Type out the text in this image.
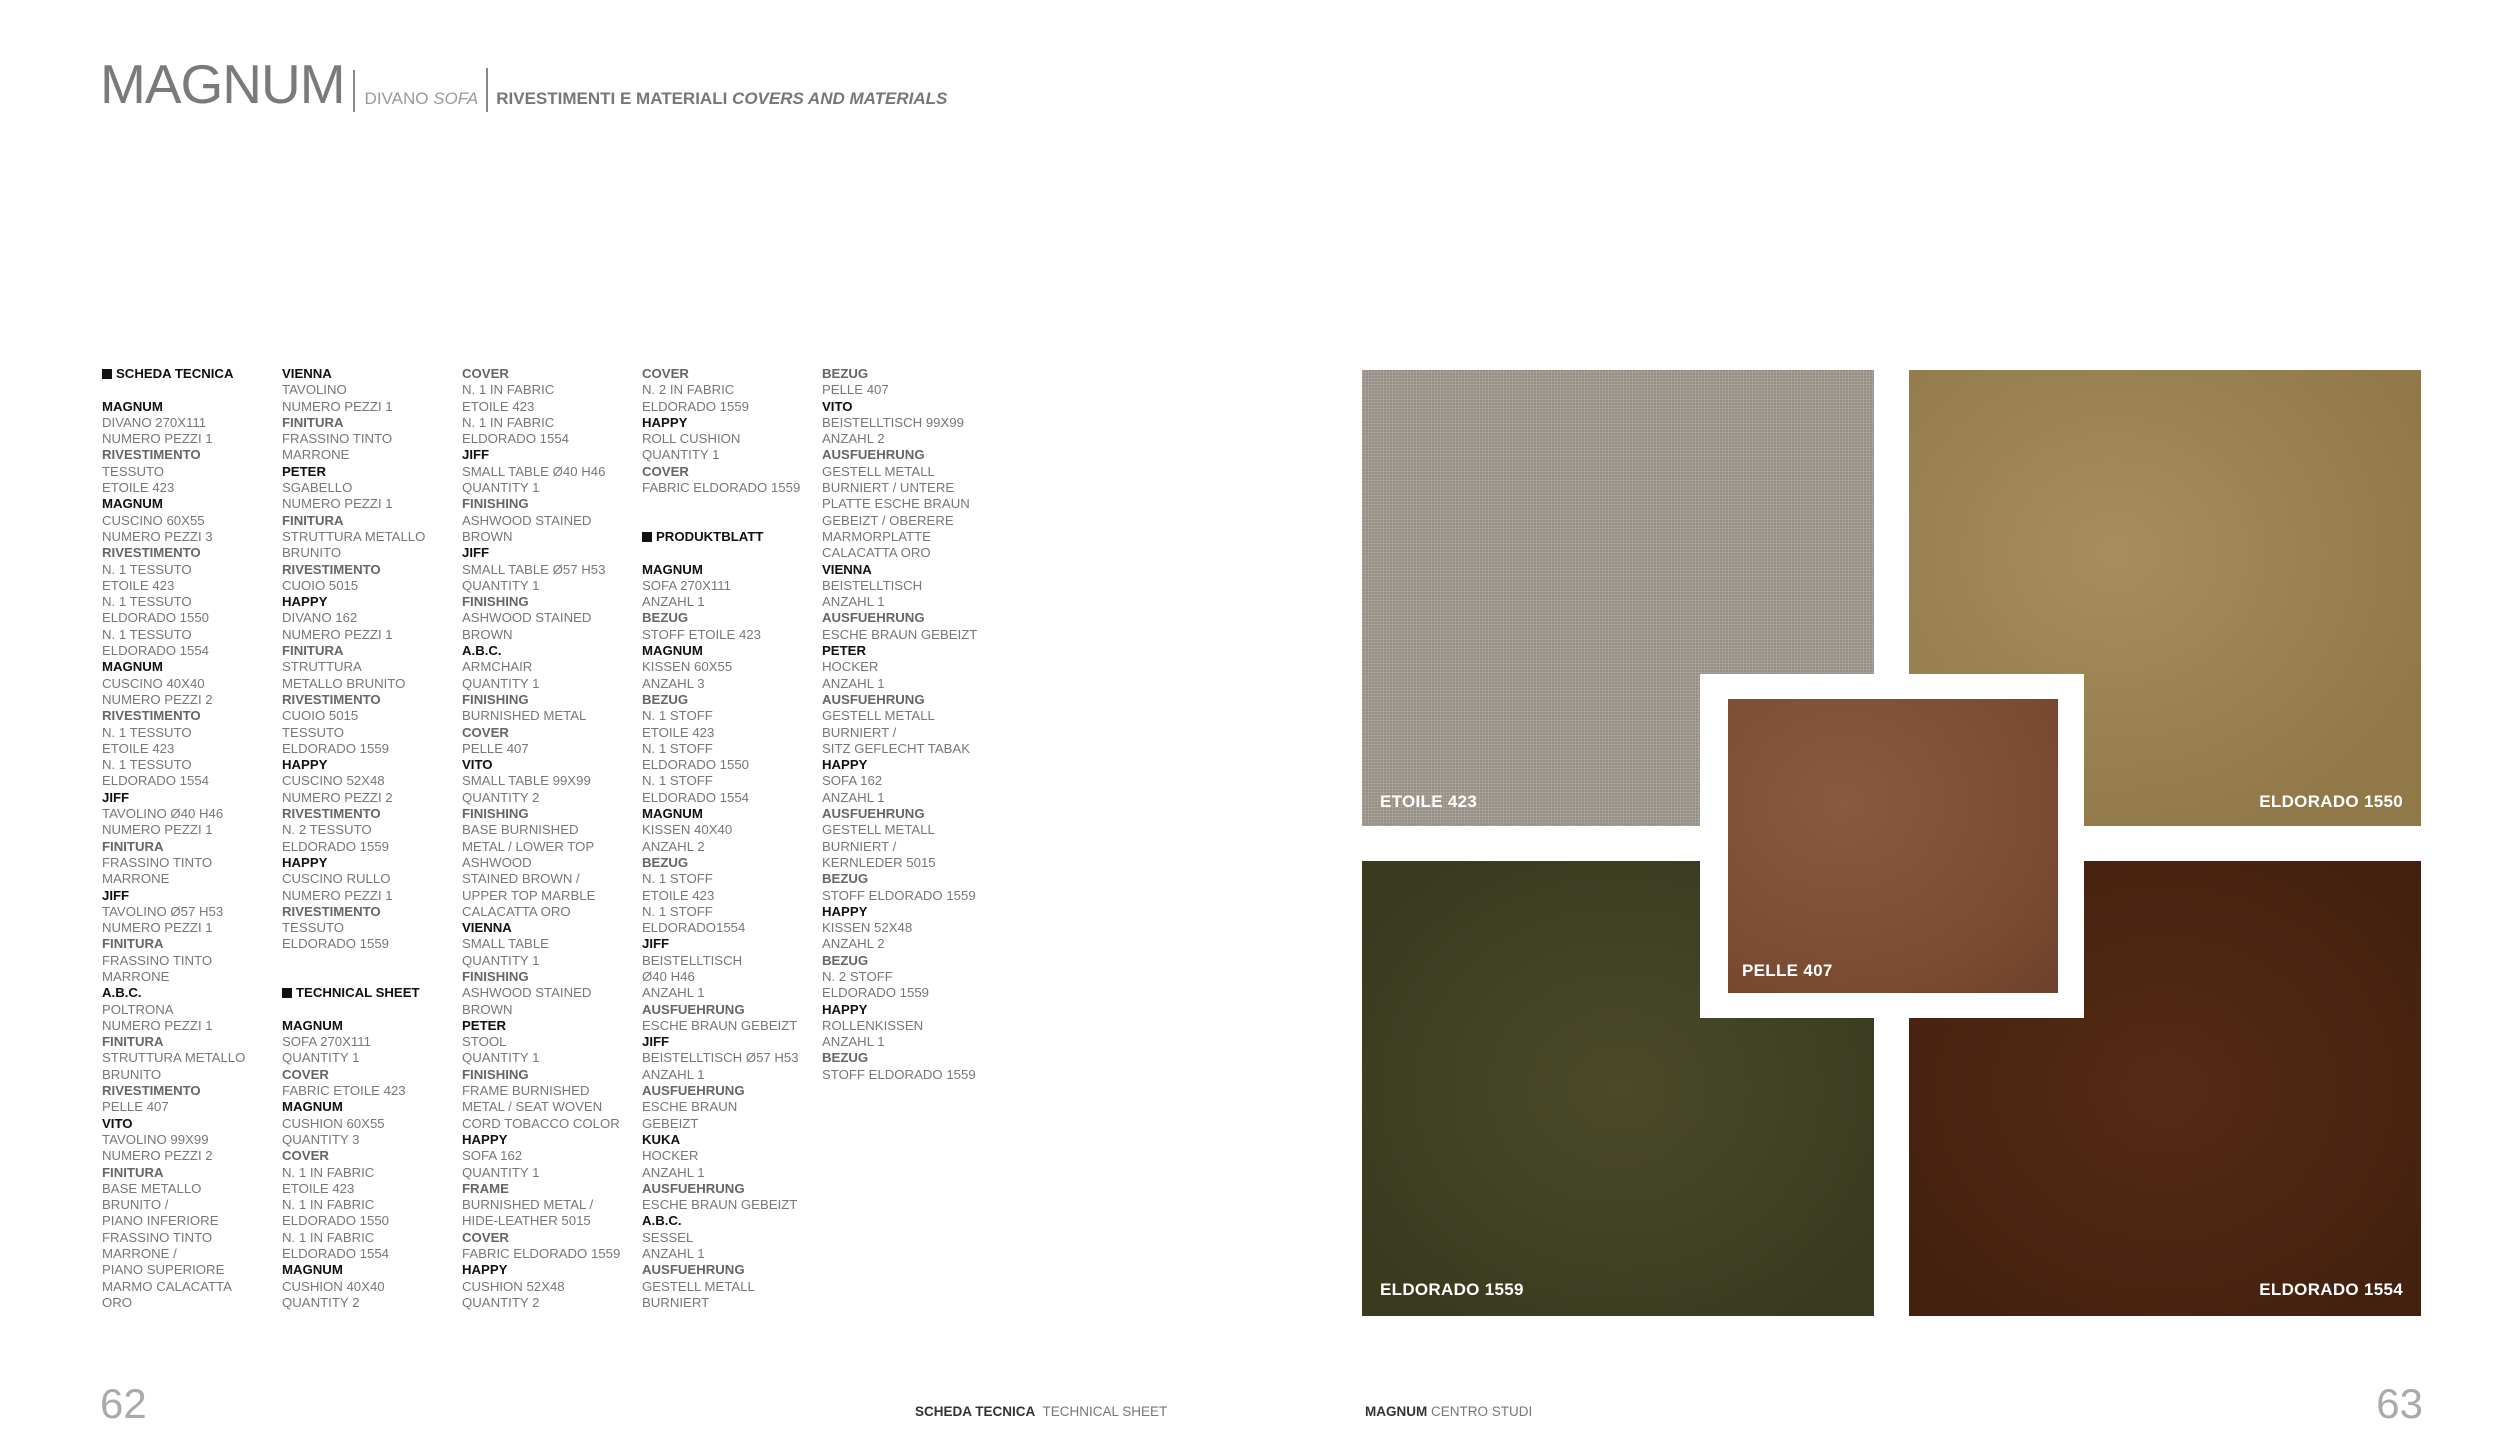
MAGNUM DIVANO SOFA RIVESTIMENTI E MATERIALI COVERS AND MATERIALS
SCHEDA TECNICA
MAGNUM
DIVANO 270X111
NUMERO PEZZI 1
RIVESTIMENTO
TESSUTO
ETOILE 423
MAGNUM
CUSCINO 60X55
NUMERO PEZZI 3
RIVESTIMENTO
N. 1 TESSUTO
ETOILE 423
N. 1 TESSUTO
ELDORADO 1550
N. 1 TESSUTO
ELDORADO 1554
MAGNUM
CUSCINO 40X40
NUMERO PEZZI 2
RIVESTIMENTO
N. 1 TESSUTO
ETOILE 423
N. 1 TESSUTO
ELDORADO 1554
JIFF
TAVOLINO Ø40 H46
NUMERO PEZZI 1
FINITURA
FRASSINO TINTO
MARRONE
JIFF
TAVOLINO Ø57 H53
NUMERO PEZZI 1
FINITURA
FRASSINO TINTO
MARRONE
A.B.C.
POLTRONA
NUMERO PEZZI 1
FINITURA
STRUTTURA METALLO
BRUNITO
RIVESTIMENTO
PELLE 407
VITO
TAVOLINO 99X99
NUMERO PEZZI 2
FINITURA
BASE METALLO
BRUNITO /
PIANO INFERIORE
FRASSINO TINTO
MARRONE /
PIANO SUPERIORE
MARMO CALACATTA
ORO
VIENNA
TAVOLINO
NUMERO PEZZI 1
FINITURA
FRASSINO TINTO
MARRONE
PETER
SGABELLO
NUMERO PEZZI 1
FINITURA
STRUTTURA METALLO
BRUNITO
RIVESTIMENTO
CUOIO 5015
HAPPY
DIVANO 162
NUMERO PEZZI 1
FINITURA
STRUTTURA
METALLO BRUNITO
RIVESTIMENTO
CUOIO 5015
TESSUTO
ELDORADO 1559
HAPPY
CUSCINO 52X48
NUMERO PEZZI 2
RIVESTIMENTO
N. 2 TESSUTO
ELDORADO 1559
HAPPY
CUSCINO RULLO
NUMERO PEZZI 1
RIVESTIMENTO
TESSUTO
ELDORADO 1559
TECHNICAL SHEET
MAGNUM
SOFA 270X111
QUANTITY 1
COVER
FABRIC ETOILE 423
MAGNUM
CUSHION 60X55
QUANTITY 3
COVER
N. 1 IN FABRIC
ETOILE 423
N. 1 IN FABRIC
ELDORADO 1550
N. 1 IN FABRIC
ELDORADO 1554
MAGNUM
CUSHION 40X40
QUANTITY 2
COVER
N. 1 IN FABRIC
ETOILE 423
N. 1 IN FABRIC
ELDORADO 1554
JIFF
SMALL TABLE Ø40 H46
QUANTITY 1
FINISHING
ASHWOOD STAINED
BROWN
JIFF
SMALL TABLE Ø57 H53
QUANTITY 1
FINISHING
ASHWOOD STAINED
BROWN
A.B.C.
ARMCHAIR
QUANTITY 1
FINISHING
BURNISHED METAL
COVER
PELLE 407
VITO
SMALL TABLE 99X99
QUANTITY 2
FINISHING
BASE BURNISHED
METAL / LOWER TOP
ASHWOOD
STAINED BROWN /
UPPER TOP MARBLE
CALACATTA ORO
VIENNA
SMALL TABLE
QUANTITY 1
FINISHING
ASHWOOD STAINED
BROWN
PETER
STOOL
QUANTITY 1
FINISHING
FRAME BURNISHED
METAL / SEAT WOVEN
CORD TOBACCO COLOR
HAPPY
SOFA 162
QUANTITY 1
FRAME
BURNISHED METAL /
HIDE-LEATHER 5015
COVER
FABRIC ELDORADO 1559
HAPPY
CUSHION 52X48
QUANTITY 2
COVER
N. 2 IN FABRIC
ELDORADO 1559
HAPPY
ROLL CUSHION
QUANTITY 1
COVER
FABRIC ELDORADO 1559
PRODUKTBLATT
MAGNUM
SOFA 270X111
ANZAHL 1
BEZUG
STOFF ETOILE 423
MAGNUM
KISSEN 60X55
ANZAHL 3
BEZUG
N. 1 STOFF
ETOILE 423
N. 1 STOFF
ELDORADO 1550
N. 1 STOFF
ELDORADO 1554
MAGNUM
KISSEN 40X40
ANZAHL 2
BEZUG
N. 1 STOFF
ETOILE 423
N. 1 STOFF
ELDORADO1554
JIFF
BEISTELLTISCH
Ø40 H46
ANZAHL 1
AUSFUEHRUNG
ESCHE BRAUN GEBEIZT
JIFF
BEISTELLTISCH Ø57 H53
ANZAHL 1
AUSFUEHRUNG
ESCHE BRAUN
GEBEIZT
KUKA
HOCKER
ANZAHL 1
AUSFUEHRUNG
ESCHE BRAUN GEBEIZT
A.B.C.
SESSEL
ANZAHL 1
AUSFUEHRUNG
GESTELL METALL
BURNIERT
BEZUG
PELLE 407
VITO
BEISTELLTISCH 99X99
ANZAHL 2
AUSFUEHRUNG
GESTELL METALL
BURNIERT / UNTERE
PLATTE ESCHE BRAUN
GEBEIZT / OBERERE
MARMORPLATTE
CALACATTA ORO
VIENNA
BEISTELLTISCH
ANZAHL 1
AUSFUEHRUNG
ESCHE BRAUN GEBEIZT
PETER
HOCKER
ANZAHL 1
AUSFUEHRUNG
GESTELL METALL
BURNIERT /
SITZ GEFLECHT TABAK
HAPPY
SOFA 162
ANZAHL 1
AUSFUEHRUNG
GESTELL METALL
BURNIERT /
KERNLEDER 5015
BEZUG
STOFF ELDORADO 1559
HAPPY
KISSEN 52X48
ANZAHL 2
BEZUG
N. 2 STOFF
ELDORADO 1559
HAPPY
ROLLENKISSEN
ANZAHL 1
BEZUG
STOFF ELDORADO 1559
ETOILE 423	ELDORADO 1550
ELDORADO 1559	ELDORADO 1554
PELLE 407
62	SCHEDA TECNICA TECHNICAL SHEET	MAGNUM CENTRO STUDI	63
